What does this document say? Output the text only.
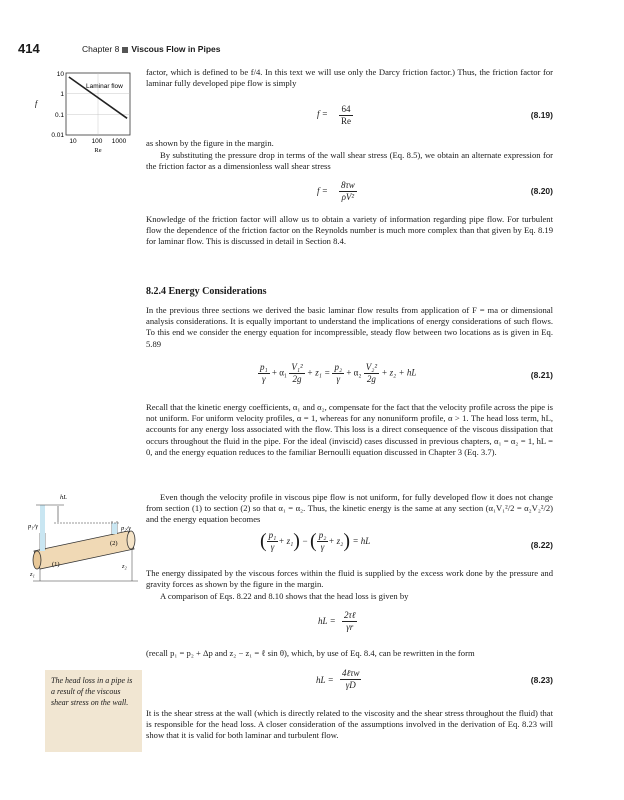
414	Chapter 8 Viscous Flow in Pipes
Laminar flow
10
1
0.1
0.01
f
10 100 1000
Re

factor, which is defined to be f/4. In this text we will use only the Darcy friction factor.) Thus, the friction factor for laminar fully developed pipe flow is simply

$f = \frac{64}{Re}$	(8.19)

as shown by the figure in the margin.

By substituting the pressure drop in terms of the wall shear stress (Eq. 8.5), we obtain an alternate expression for the friction factor as a dimensionless wall shear stress

$f = \frac{8\tau w}{\text{ρV²}}$	(8.20)

Knowledge of the friction factor will allow us to obtain a variety of information regarding pipe flow. For turbulent flow the dependence of the friction factor on the Reynolds number is much more complex than that given by Eq. 8.19 for laminar flow. This is discussed in detail in Section 8.4.

8.2.4 Energy Considerations

In the previous three sections we derived the basic laminar flow results from application of F = ma or dimensional analysis considerations. It is equally important to understand the implications of energy considerations of such flows. To this end we consider the energy equation for incompressible, steady flow between two locations as is given in Eq. 5.89

$\frac{\text{p₁}}{\gamma} + \alpha_1 \frac{\text{V₁²}}{2g} + z_1 = \frac{\text{p₂}}{\gamma} + \alpha_2 \frac{\text{V₂²}}{2g} + z_2$ + hL	(8.21)

Recall that the kinetic energy coefficients, α₁ and α₂, compensate for the fact that the velocity profile across the pipe is not uniform. For uniform velocity profiles, α = 1, whereas for any nonuniform profile, α > 1. The head loss term, hL, accounts for any energy loss associated with the flow. This loss is a direct consequence of the viscous dissipation that occurs throughout the fluid in the pipe. For the ideal (inviscid) cases discussed in previous chapters, α₁ = α₂ = 1, hL = 0, and the energy equation reduces to the familiar Bernoulli equation discussed in Chapter 3 (Eq. 3.7).

Even though the velocity profile in viscous pipe flow is not uniform, for fully developed flow it does not change from section (1) to section (2) so that α₁ = α₂. Thus, the kinetic energy is the same at any section (α₁V₁²/2 = α₂V₂²/2) and the energy equation becomes

hL
p₁/γ	p₂/γ
(1)
(2)
z₁
z₂
( $\frac{\text{p₁}}{\gamma} + z_1$) − ( $\frac{\text{p₂}}{\gamma} + z_2$) = hL	(8.22)

The energy dissipated by the viscous forces within the fluid is supplied by the excess work done by the pressure and gravity forces as shown by the figure in the margin.

A comparison of Eqs. 8.22 and 8.10 shows that the head loss is given by

hL =
2τℓ
γr

(recall p₁ = p₂ + Δp and z₂ − z₁ = ℓ sin θ), which, by use of Eq. 8.4, can be rewritten in the form

hL =
4ℓτw
γD	(8.23)
The head loss in a pipe is a result of the viscous shear stress on the wall.

It is the shear stress at the wall (which is directly related to the viscosity and the shear stress throughout the fluid) that is responsible for the head loss. A closer consideration of the assumptions involved in the derivation of Eq. 8.23 will show that it is valid for both laminar and turbulent flow.
